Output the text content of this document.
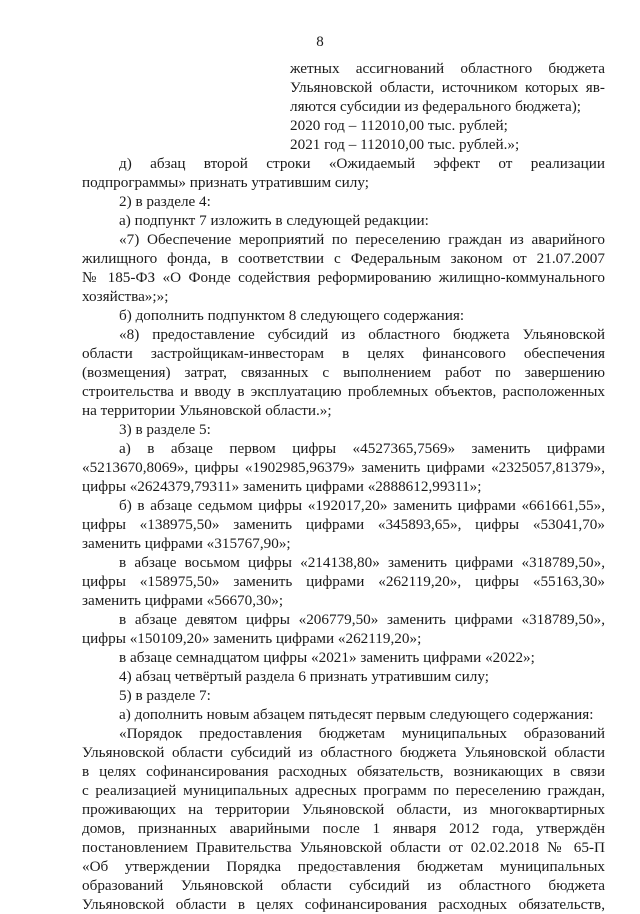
8
жетных ассигнований областного бюджета
Ульяновской области, источником которых яв-
ляются субсидии из федерального бюджета);
2020 год – 112010,00 тыс. рублей;
2021 год – 112010,00 тыс. рублей.»;
д) абзац второй строки «Ожидаемый эффект от реализации
подпрограммы» признать утратившим силу;
2) в разделе 4:
а) подпункт 7 изложить в следующей редакции:
«7) Обеспечение мероприятий по переселению граждан из аварийного
жилищного фонда, в соответствии с Федеральным законом от 21.07.2007
№ 185-ФЗ «О Фонде содействия реформированию жилищно-коммунального
хозяйства»;»;
б) дополнить подпунктом 8 следующего содержания:
«8) предоставление субсидий из областного бюджета Ульяновской
области застройщикам-инвесторам в целях финансового обеспечения
(возмещения) затрат, связанных с выполнением работ по завершению
строительства и вводу в эксплуатацию проблемных объектов, расположенных
на территории Ульяновской области.»;
3) в разделе 5:
а) в абзаце первом цифры «4527365,7569» заменить цифрами
«5213670,8069», цифры «1902985,96379» заменить цифрами «2325057,81379»,
цифры «2624379,79311» заменить цифрами «2888612,99311»;
б) в абзаце седьмом цифры «192017,20» заменить цифрами «661661,55»,
цифры «138975,50» заменить цифрами «345893,65», цифры «53041,70»
заменить цифрами «315767,90»;
в абзаце восьмом цифры «214138,80» заменить цифрами «318789,50»,
цифры «158975,50» заменить цифрами «262119,20», цифры «55163,30»
заменить цифрами «56670,30»;
в абзаце девятом цифры «206779,50» заменить цифрами «318789,50»,
цифры «150109,20» заменить цифрами «262119,20»;
в абзаце семнадцатом цифры «2021» заменить цифрами «2022»;
4) абзац четвёртый раздела 6 признать утратившим силу;
5) в разделе 7:
а) дополнить новым абзацем пятьдесят первым следующего содержания:
«Порядок предоставления бюджетам муниципальных образований
Ульяновской области субсидий из областного бюджета Ульяновской области
в целях софинансирования расходных обязательств, возникающих в связи
с реализацией муниципальных адресных программ по переселению граждан,
проживающих на территории Ульяновской области, из многоквартирных
домов, признанных аварийными после 1 января 2012 года, утверждён
постановлением Правительства Ульяновской области от 02.02.2018 № 65-П
«Об утверждении Порядка предоставления бюджетам муниципальных
образований Ульяновской области субсидий из областного бюджета
Ульяновской области в целях софинансирования расходных обязательств,
